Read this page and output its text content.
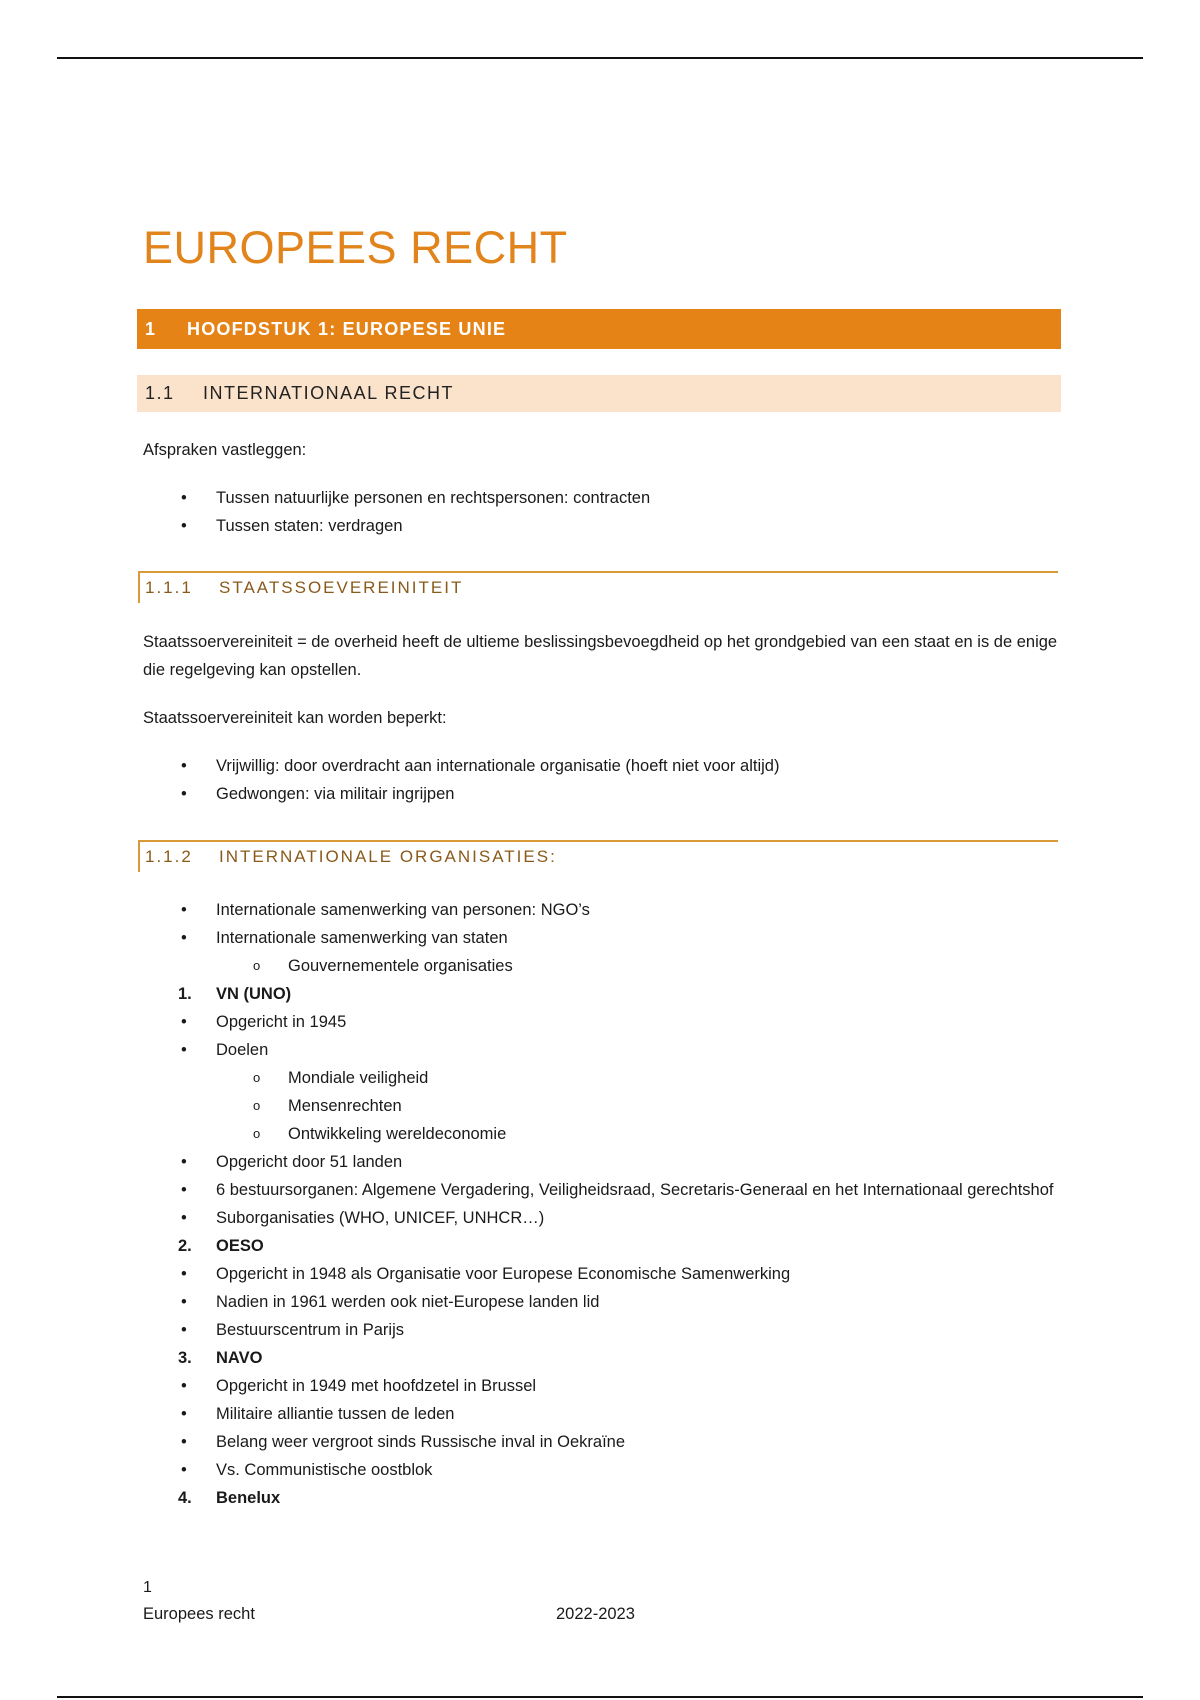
EUROPEES RECHT
1	HOOFDSTUK 1: EUROPESE UNIE
1.1	INTERNATIONAAL RECHT

Afspraken vastleggen:

•	Tussen natuurlijke personen en rechtspersonen: contracten
•	Tussen staten: verdragen
1.1.1	STAATSSOEVEREINITEIT

Staatssoervereiniteit = de overheid heeft de ultieme beslissingsbevoegdheid op het grondgebied van een staat en is de enige die regelgeving kan opstellen.

Staatssoervereiniteit kan worden beperkt:

•	Vrijwillig: door overdracht aan internationale organisatie (hoeft niet voor altijd)
•	Gedwongen: via militair ingrijpen
1.1.2	INTERNATIONALE ORGANISATIES:
•	Internationale samenwerking van personen: NGO’s
•	Internationale samenwerking van staten
o	Gouvernementele organisaties
1.	VN (UNO)
•	Opgericht in 1945
•	Doelen
o	Mondiale veiligheid
o	Mensenrechten
o	Ontwikkeling wereldeconomie
•	Opgericht door 51 landen
•	6 bestuursorganen: Algemene Vergadering, Veiligheidsraad, Secretaris-Generaal en het Internationaal gerechtshof
•	Suborganisaties (WHO, UNICEF, UNHCR…)
2.	OESO
•	Opgericht in 1948 als Organisatie voor Europese Economische Samenwerking
•	Nadien in 1961 werden ook niet-Europese landen lid
•	Bestuurscentrum in Parijs
3.	NAVO
•	Opgericht in 1949 met hoofdzetel in Brussel
•	Militaire alliantie tussen de leden
•	Belang weer vergroot sinds Russische inval in Oekraïne
•	Vs. Communistische oostblok
4.	Benelux
1
Europees recht	2022-2023
